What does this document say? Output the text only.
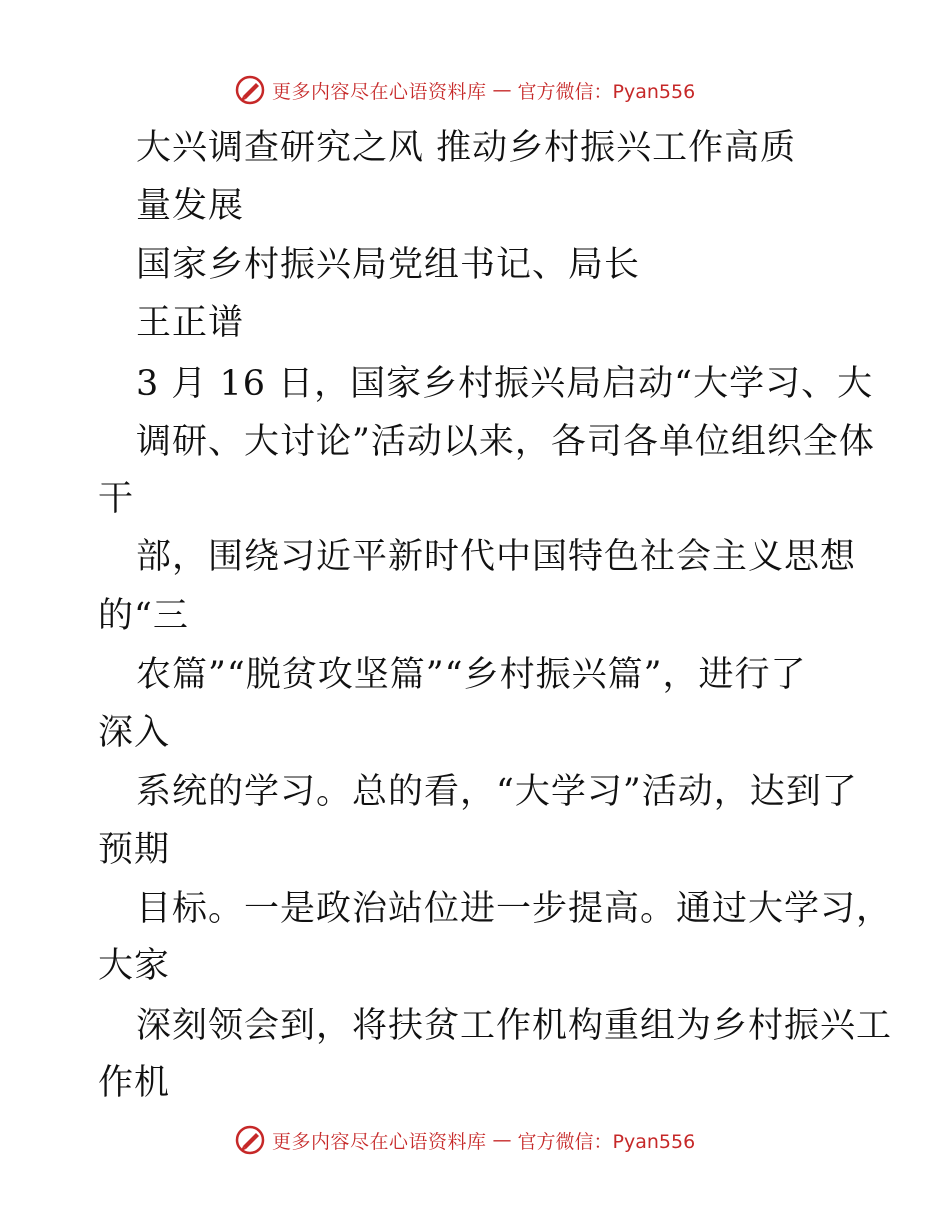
更多内容尽在心语资料库 — 官方微信：Pyan556
大兴调查研究之风 推动乡村振兴工作高质
量发展
国家乡村振兴局党组书记、局长
王正谱
3 月 16 日，国家乡村振兴局启动“大学习、大
调研、大讨论”活动以来，各司各单位组织全体
干
部，围绕习近平新时代中国特色社会主义思想
的“三
农篇”“脱贫攻坚篇”“乡村振兴篇”，进行了
深入
系统的学习。总的看，“大学习”活动，达到了
预期
目标。一是政治站位进一步提高。通过大学习，
大家
深刻领会到，将扶贫工作机构重组为乡村振兴工
作机
更多内容尽在心语资料库 — 官方微信：Pyan556
